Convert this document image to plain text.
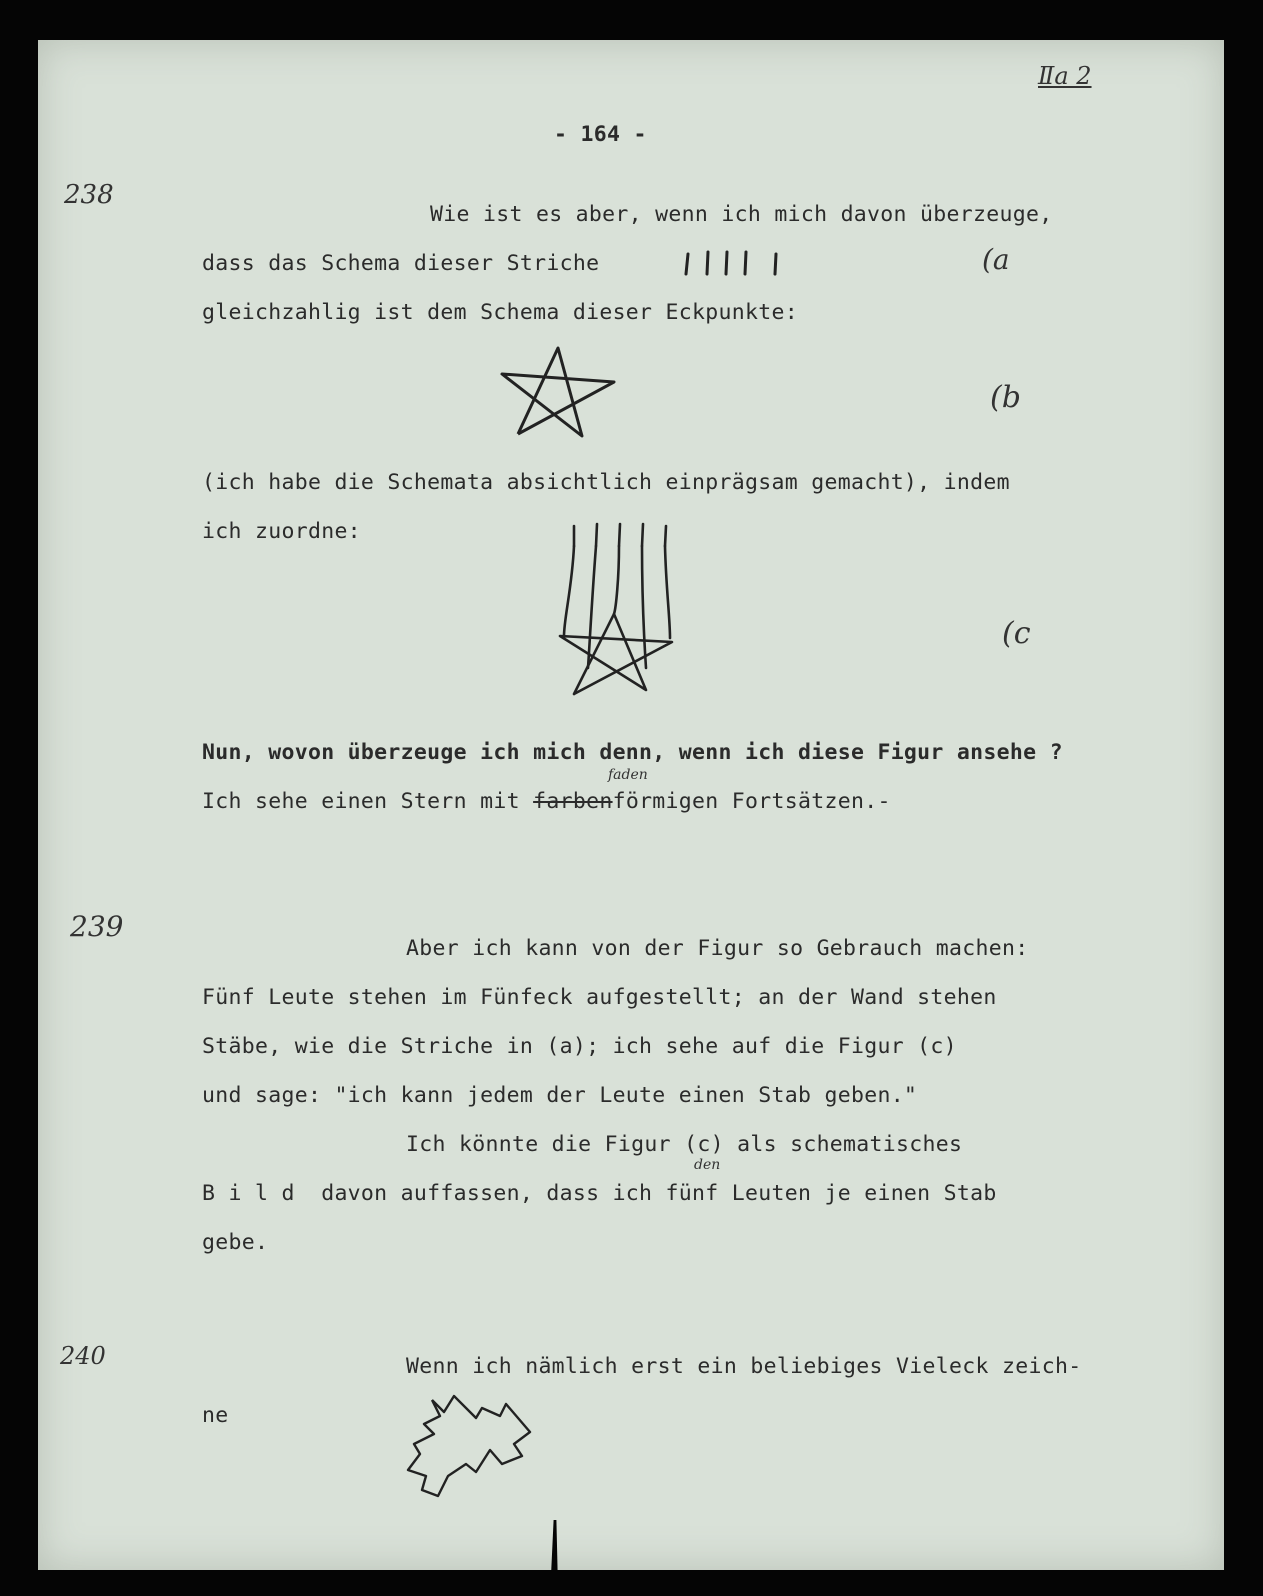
Ⅱa 2
- 164 -
238
Wie ist es aber, wenn ich mich davon überzeuge,
dass das Schema dieser Striche	(a
gleichzahlig ist dem Schema dieser Eckpunkte:
(b
(ich habe die Schemata absichtlich einprägsam gemacht), indem
ich zuordne:
(c
Nun, wovon überzeuge ich mich denn, wenn ich diese Figur ansehe ?
faden
Ich sehe einen Stern mit farbenförmigen Fortsätzen.-
239
Aber ich kann von der Figur so Gebrauch machen:
Fünf Leute stehen im Fünfeck aufgestellt; an der Wand stehen
Stäbe, wie die Striche in (a); ich sehe auf die Figur (c)
und sage: "ich kann jedem der Leute einen Stab geben."
Ich könnte die Figur (c) als schematisches
den
B i l d  davon auffassen, dass ich fünf Leuten je einen Stab
gebe.
240	Wenn ich nämlich erst ein beliebiges Vieleck zeich-
ne
